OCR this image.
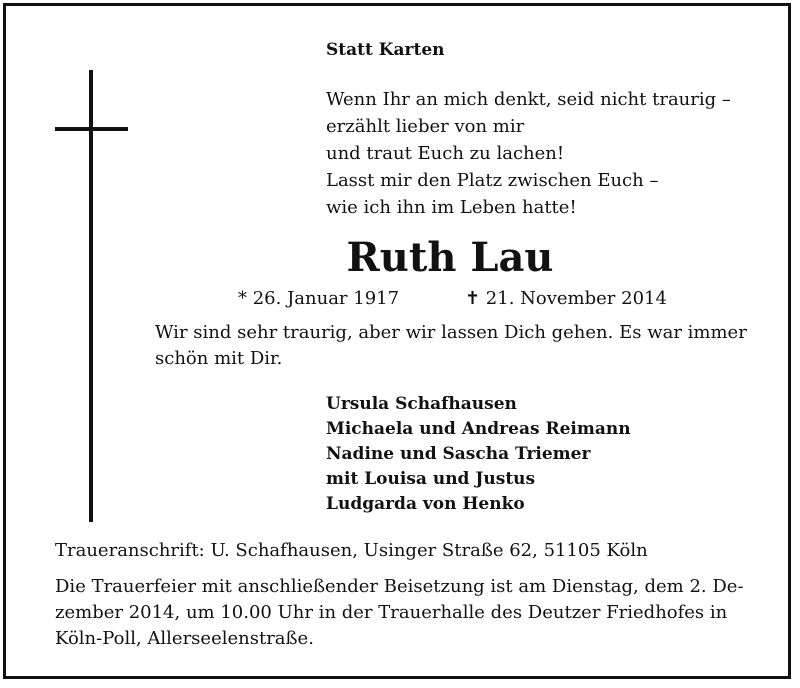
Statt Karten
Wenn Ihr an mich denkt, seid nicht traurig –
erzählt lieber von mir
und traut Euch zu lachen!
Lasst mir den Platz zwischen Euch –
wie ich ihn im Leben hatte!
Ruth Lau
* 26. Januar 1917	✝ 21. November 2014
Wir sind sehr traurig, aber wir lassen Dich gehen. Es war immer
schön mit Dir.
Ursula Schafhausen
Michaela und Andreas Reimann
Nadine und Sascha Triemer
mit Louisa und Justus
Ludgarda von Henko
Traueranschrift: U. Schafhausen, Usinger Straße 62, 51105 Köln
Die Trauerfeier mit anschließender Beisetzung ist am Dienstag, dem 2. De-
zember 2014, um 10.00 Uhr in der Trauerhalle des Deutzer Friedhofes in
Köln-Poll, Allerseelenstraße.
